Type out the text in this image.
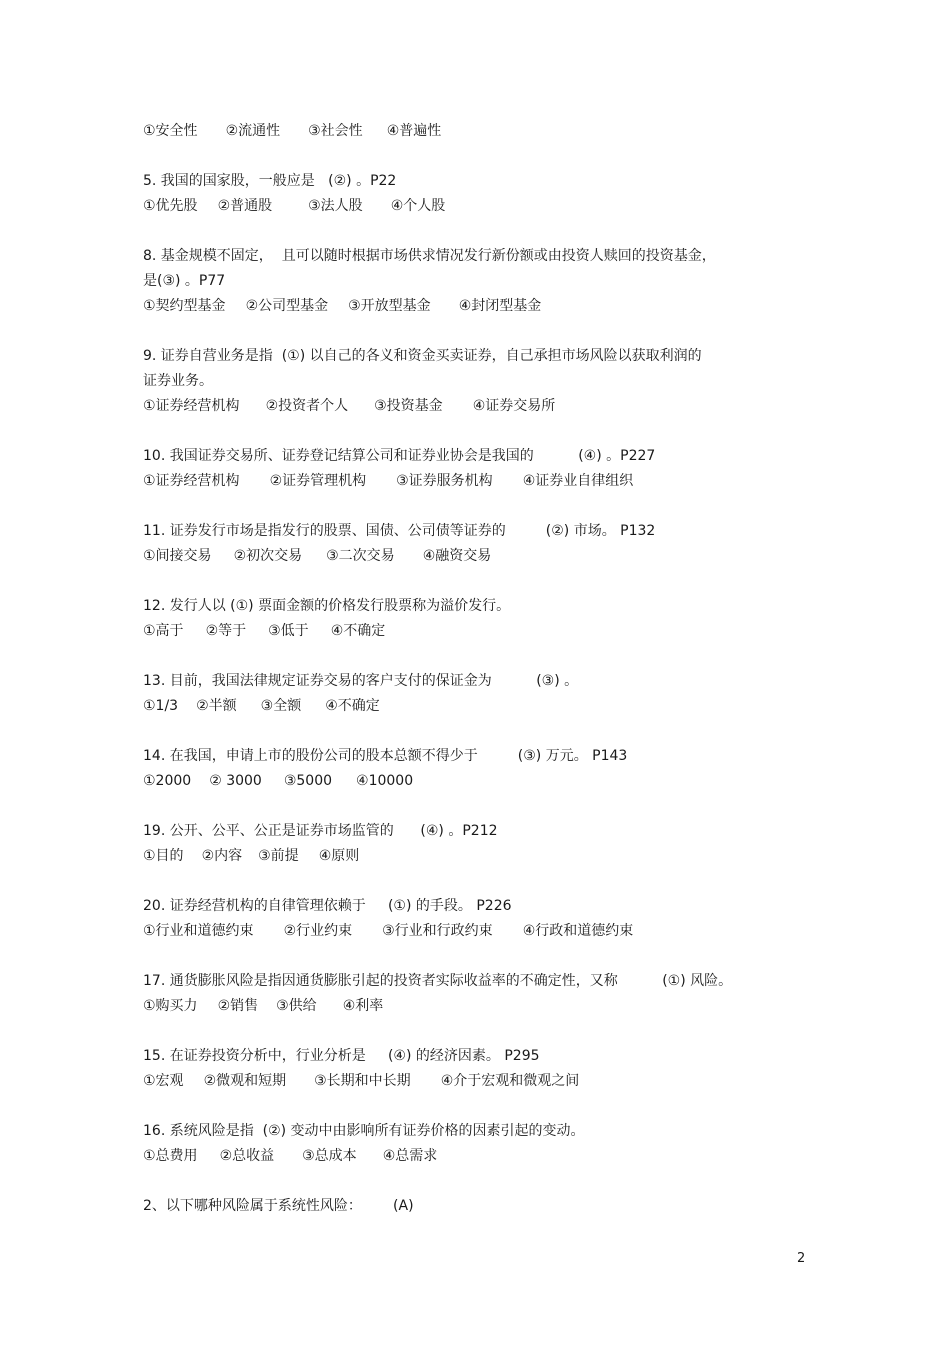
①安全性 ②流通性 ③社会性 ④普遍性
5. 我国的国家股，一般应是   (②) 。P22
①优先股 ②普通股	③法人股 ④个人股
8. 基金规模不固定，  且可以随时根据市场供求情况发行新份额或由投资人赎回的投资基金，
是(③) 。P77
①契约型基金 ②公司型基金 ③开放型基金 ④封闭型基金
9. 证券自营业务是指  (①) 以自己的各义和资金买卖证券，自己承担市场风险以获取利润的
证券业务。
①证券经营机构 ②投资者个人 ③投资基金 ④证券交易所
10. 我国证券交易所、证券登记结算公司和证券业协会是我国的          (④) 。P227
①证券经营机构 ②证券管理机构 ③证券服务机构 ④证券业自律组织
11. 证券发行市场是指发行的股票、国债、公司债等证券的         (②) 市场。 P132
①间接交易 ②初次交易 ③二次交易 ④融资交易
12. 发行人以 (①) 票面金额的价格发行股票称为溢价发行。
①高于 ②等于 ③低于 ④不确定
13. 目前，我国法律规定证券交易的客户支付的保证金为          (③) 。
①1/3 ②半额 ③全额 ④不确定
14. 在我国，申请上市的股份公司的股本总额不得少于         (③) 万元。 P143
①2000 ② 3000 ③5000 ④10000
19. 公开、公平、公正是证券市场监管的      (④) 。P212
①目的 ②内容 ③前提 ④原则
20. 证券经营机构的自律管理依赖于     (①) 的手段。 P226
①行业和道德约束 ②行业约束 ③行业和行政约束 ④行政和道德约束
17. 通货膨胀风险是指因通货膨胀引起的投资者实际收益率的不确定性，又称          (①) 风险。
①购买力 ②销售 ③供给 ④利率
15. 在证券投资分析中，行业分析是     (④) 的经济因素。 P295
①宏观 ②微观和短期 ③长期和中长期 ④介于宏观和微观之间
16. 系统风险是指  (②) 变动中由影响所有证券价格的因素引起的变动。
①总费用 ②总收益 ③总成本 ④总需求
2、以下哪种风险属于系统性风险：       (A)
2
